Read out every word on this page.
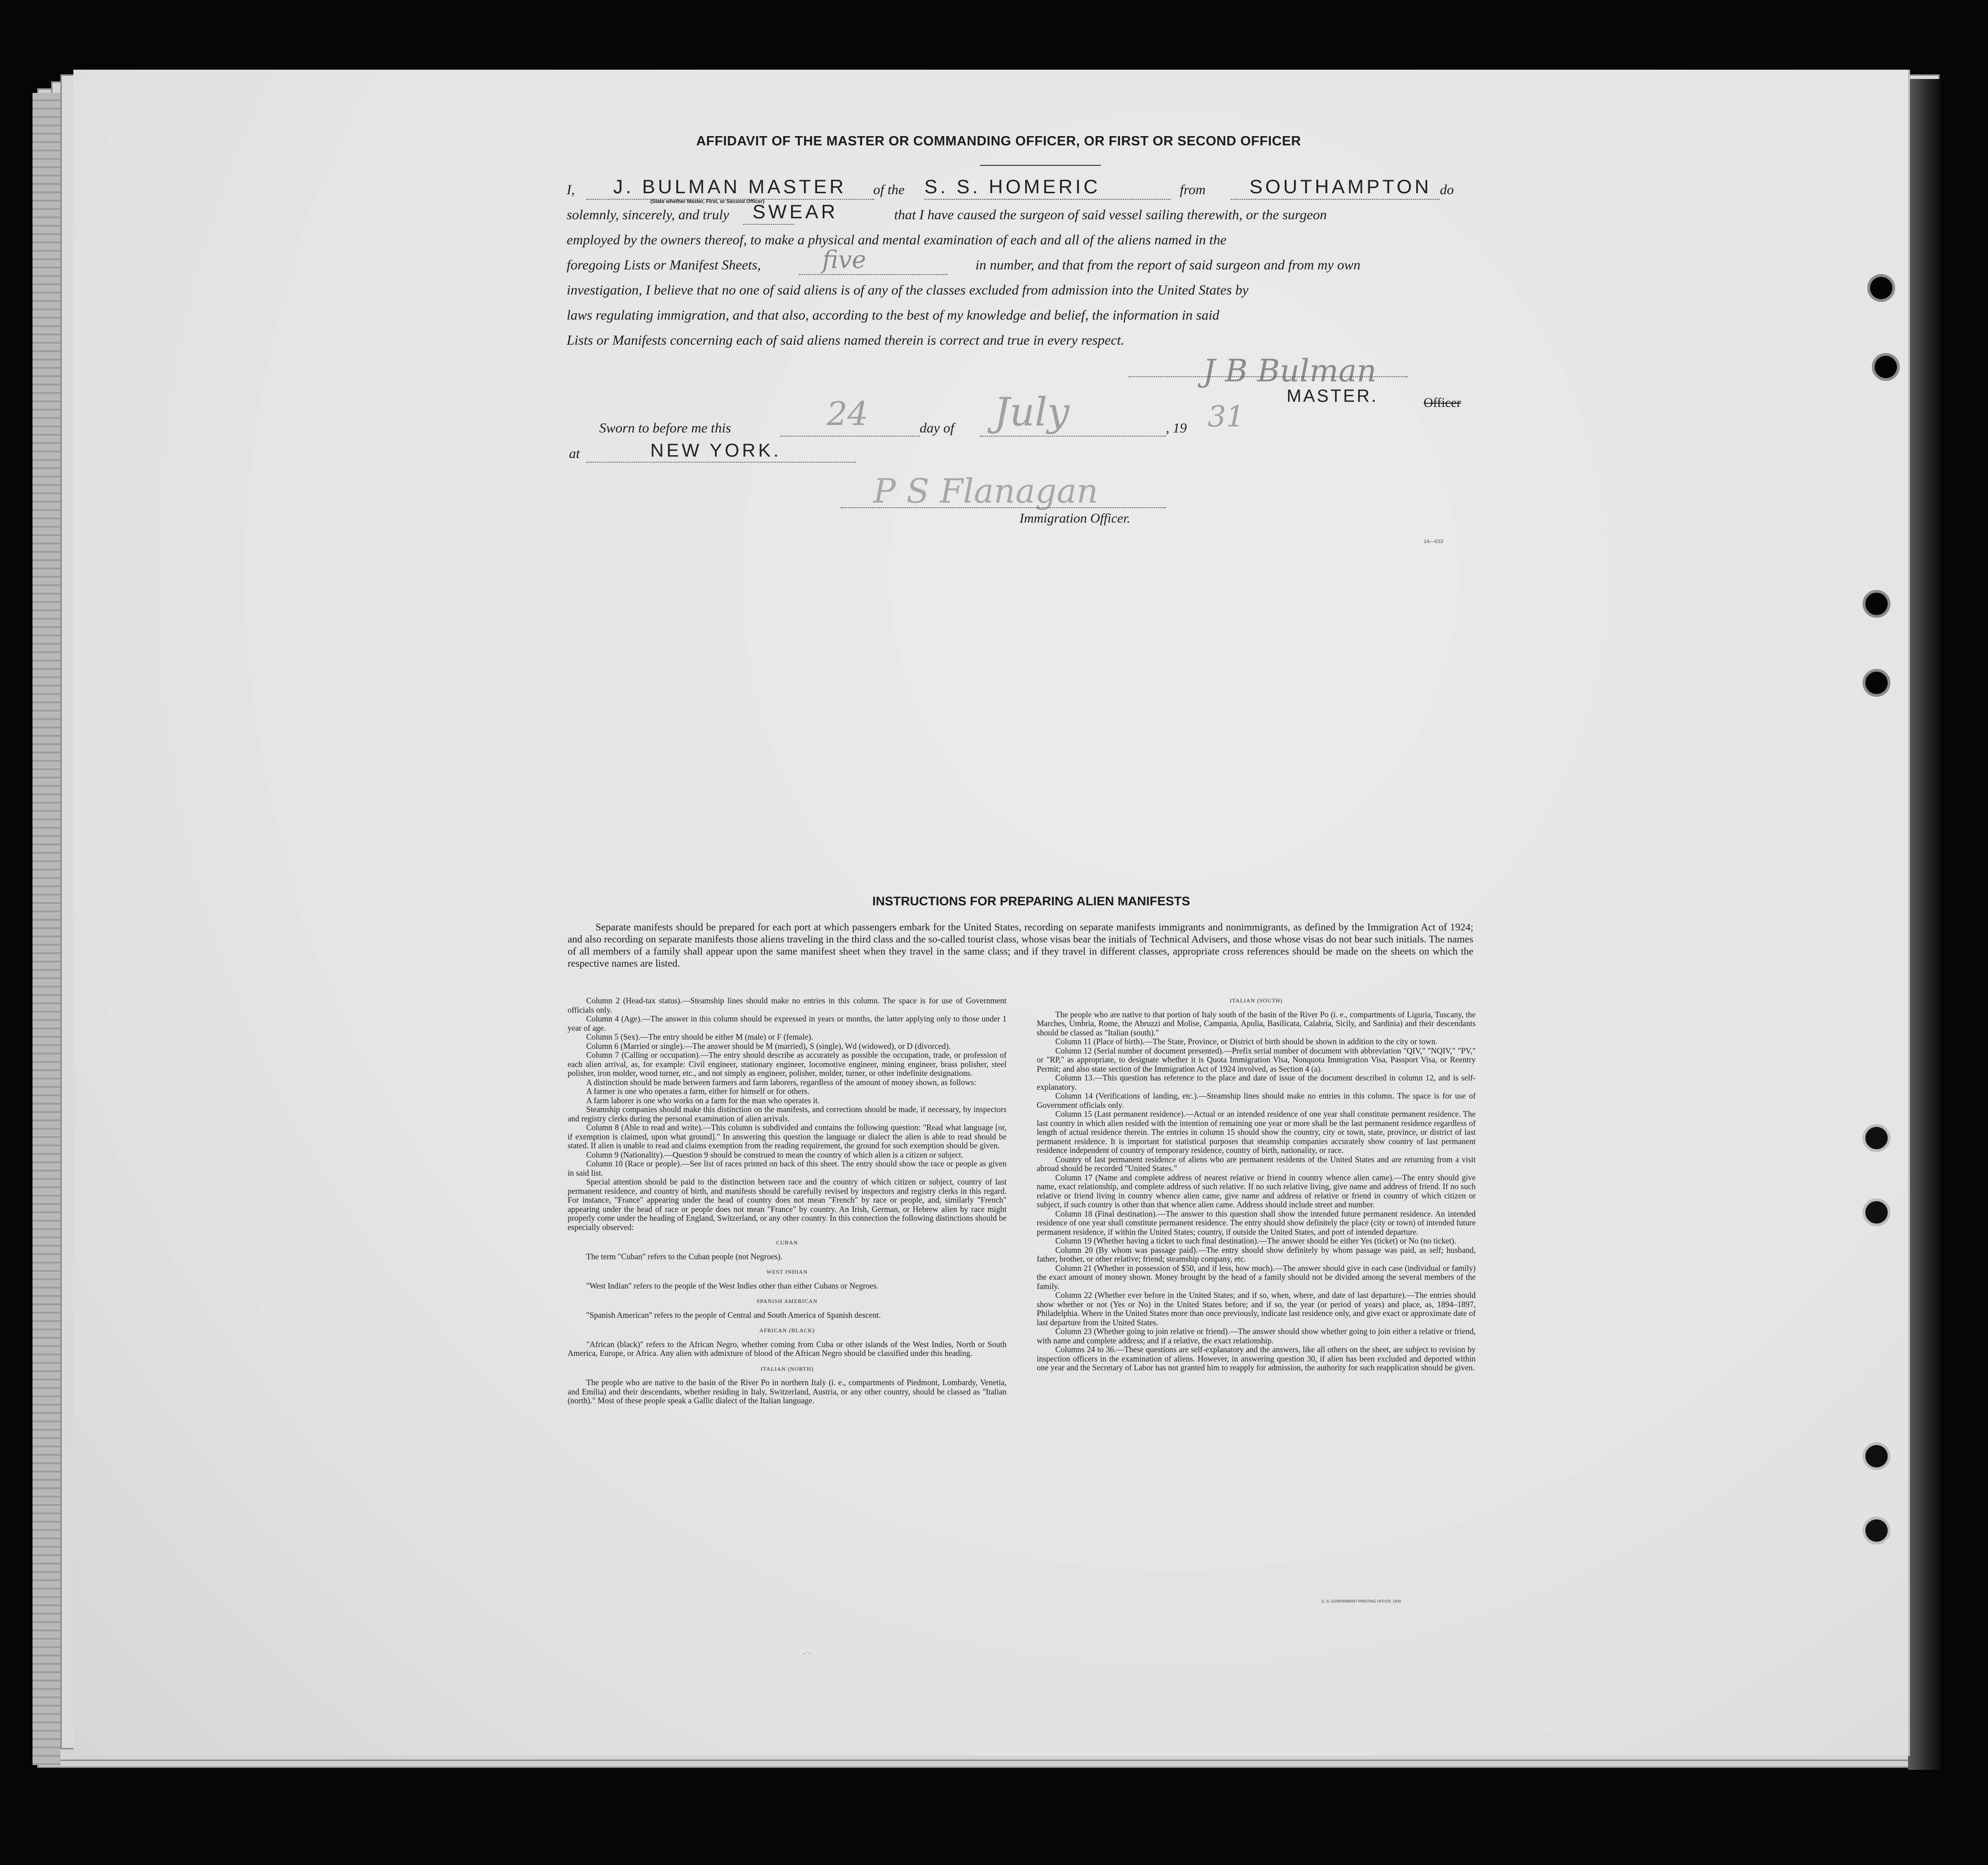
AFFIDAVIT OF THE MASTER OR COMMANDING OFFICER, OR FIRST OR SECOND OFFICER
I,	of the	from	do
J. BULMAN MASTER	S. S. HOMERIC	SOUTHAMPTON
(State whether Master, First, or Second Officer)
solemnly, sincerely, and truly	that I have caused the surgeon of said vessel sailing therewith, or the surgeon
SWEAR
employed by the owners thereof, to make a physical and mental examination of each and all of the aliens named in the
foregoing Lists or Manifest Sheets,	in number, and that from the report of said surgeon and from my own
five
investigation, I believe that no one of said aliens is of any of the classes excluded from admission into the United States by
laws regulating immigration, and that also, according to the best of my knowledge and belief, the information in said
Lists or Manifests concerning each of said aliens named therein is correct and true in every respect.
J B Bulman
MASTER.	Officer
Sworn to before me this	day of	, 19
24	July	31
at	NEW YORK.
P S Flanagan
Immigration Officer.
14—633
INSTRUCTIONS FOR PREPARING ALIEN MANIFESTS

Separate manifests should be prepared for each port at which passengers embark for the United States, recording on separate manifests immigrants and nonimmigrants, as defined by the Immigration Act of 1924; and also recording on separate manifests those aliens traveling in the third class and the so-called tourist class, whose visas bear the initials of Technical Advisers, and those whose visas do not bear such initials. The names of all members of a family shall appear upon the same manifest sheet when they travel in the same class; and if they travel in different classes, appropriate cross references should be made on the sheets on which the respective names are listed.

Column 2 (Head-tax status).—Steamship lines should make no entries in this column. The space is for use of Government officials only.

Column 4 (Age).—The answer in this column should be expressed in years or months, the latter applying only to those under 1 year of age.

Column 5 (Sex).—The entry should be either M (male) or F (female).

Column 6 (Married or single).—The answer should be M (married), S (single), Wd (widowed), or D (divorced).

Column 7 (Calling or occupation).—The entry should describe as accurately as possible the occupation, trade, or profession of each alien arrival, as, for example: Civil engineer, stationary engineer, locomotive engineer, mining engineer, brass polisher, steel polisher, iron molder, wood turner, etc., and not simply as engineer, polisher, molder, turner, or other indefinite designations.

A distinction should be made between farmers and farm laborers, regardless of the amount of money shown, as follows:

A farmer is one who operates a farm, either for himself or for others.

A farm laborer is one who works on a farm for the man who operates it.

Steamship companies should make this distinction on the manifests, and corrections should be made, if necessary, by inspectors and registry clerks during the personal examination of alien arrivals.

Column 8 (Able to read and write).—This column is subdivided and contains the following question: "Read what language [or, if exemption is claimed, upon what ground]." In answering this question the language or dialect the alien is able to read should be stated. If alien is unable to read and claims exemption from the reading requirement, the ground for such exemption should be given.

Column 9 (Nationality).—Question 9 should be construed to mean the country of which alien is a citizen or subject.

Column 10 (Race or people).—See list of races printed on back of this sheet. The entry should show the race or people as given in said list.

Special attention should be paid to the distinction between race and the country of which citizen or subject, country of last permanent residence, and country of birth, and manifests should be carefully revised by inspectors and registry clerks in this regard. For instance, "France" appearing under the head of country does not mean "French" by race or people, and, similarly "French" appearing under the head of race or people does not mean "France" by country. An Irish, German, or Hebrew alien by race might properly come under the heading of England, Switzerland, or any other country. In this connection the following distinctions should be especially observed:

CUBAN

The term "Cuban" refers to the Cuban people (not Negroes).

WEST INDIAN

"West Indian" refers to the people of the West Indies other than either Cubans or Negroes.

SPANISH AMERICAN

"Spanish American" refers to the people of Central and South America of Spanish descent.

AFRICAN (BLACK)

"African (black)" refers to the African Negro, whether coming from Cuba or other islands of the West Indies, North or South America, Europe, or Africa. Any alien with admixture of blood of the African Negro should be classified under this heading.

ITALIAN (NORTH)

The people who are native to the basin of the River Po in northern Italy (i. e., compartments of Piedmont, Lombardy, Venetia, and Emilia) and their descendants, whether residing in Italy, Switzerland, Austria, or any other country, should be classed as "Italian (north)." Most of these people speak a Gallic dialect of the Italian language.

ITALIAN (SOUTH)

The people who are native to that portion of Italy south of the basin of the River Po (i. e., compartments of Liguria, Tuscany, the Marches, Umbria, Rome, the Abruzzi and Molise, Campania, Apulia, Basilicata, Calabria, Sicily, and Sardinia) and their descendants should be classed as "Italian (south)."

Column 11 (Place of birth).—The State, Province, or District of birth should be shown in addition to the city or town.

Column 12 (Serial number of document presented).—Prefix serial number of document with abbreviation "QIV," "NQIV," "PV," or "RP," as appropriate, to designate whether it is Quota Immigration Visa, Nonquota Immigration Visa, Passport Visa, or Reentry Permit; and also state section of the Immigration Act of 1924 involved, as Section 4 (a).

Column 13.—This question has reference to the place and date of issue of the document described in column 12, and is self-explanatory.

Column 14 (Verifications of landing, etc.).—Steamship lines should make no entries in this column. The space is for use of Government officials only.

Column 15 (Last permanent residence).—Actual or an intended residence of one year shall constitute permanent residence. The last country in which alien resided with the intention of remaining one year or more shall be the last permanent residence regardless of length of actual residence therein. The entries in column 15 should show the country, city or town, state, province, or district of last permanent residence. It is important for statistical purposes that steamship companies accurately show country of last permanent residence independent of country of temporary residence, country of birth, nationality, or race.

Country of last permanent residence of aliens who are permanent residents of the United States and are returning from a visit abroad should be recorded "United States."

Column 17 (Name and complete address of nearest relative or friend in country whence alien came).—The entry should give name, exact relationship, and complete address of such relative. If no such relative living, give name and address of friend. If no such relative or friend living in country whence alien came, give name and address of relative or friend in country of which citizen or subject, if such country is other than that whence alien came. Address should include street and number.

Column 18 (Final destination).—The answer to this question shall show the intended future permanent residence. An intended residence of one year shall constitute permanent residence. The entry should show definitely the place (city or town) of intended future permanent residence, if within the United States; country, if outside the United States, and port of intended departure.

Column 19 (Whether having a ticket to such final destination).—The answer should be either Yes (ticket) or No (no ticket).

Column 20 (By whom was passage paid).—The entry should show definitely by whom passage was paid, as self; husband, father, brother, or other relative; friend; steamship company, etc.

Column 21 (Whether in possession of $50, and if less, how much).—The answer should give in each case (individual or family) the exact amount of money shown. Money brought by the head of a family should not be divided among the several members of the family.

Column 22 (Whether ever before in the United States; and if so, when, where, and date of last departure).—The entries should show whether or not (Yes or No) in the United States before; and if so, the year (or period of years) and place, as, 1894–1897, Philadelphia. Where in the United States more than once previously, indicate last residence only, and give exact or approximate date of last departure from the United States.

Column 23 (Whether going to join relative or friend).—The answer should show whether going to join either a relative or friend, with name and complete address; and if a relative, the exact relationship.

Columns 24 to 36.—These questions are self-explanatory and the answers, like all others on the sheet, are subject to revision by inspection officers in the examination of aliens. However, in answering question 30, if alien has been excluded and deported within one year and the Secretary of Labor has not granted him to reapply for admission, the authority for such reapplication should be given.

U. S. GOVERNMENT PRINTING OFFICE: 1930
. ·.
